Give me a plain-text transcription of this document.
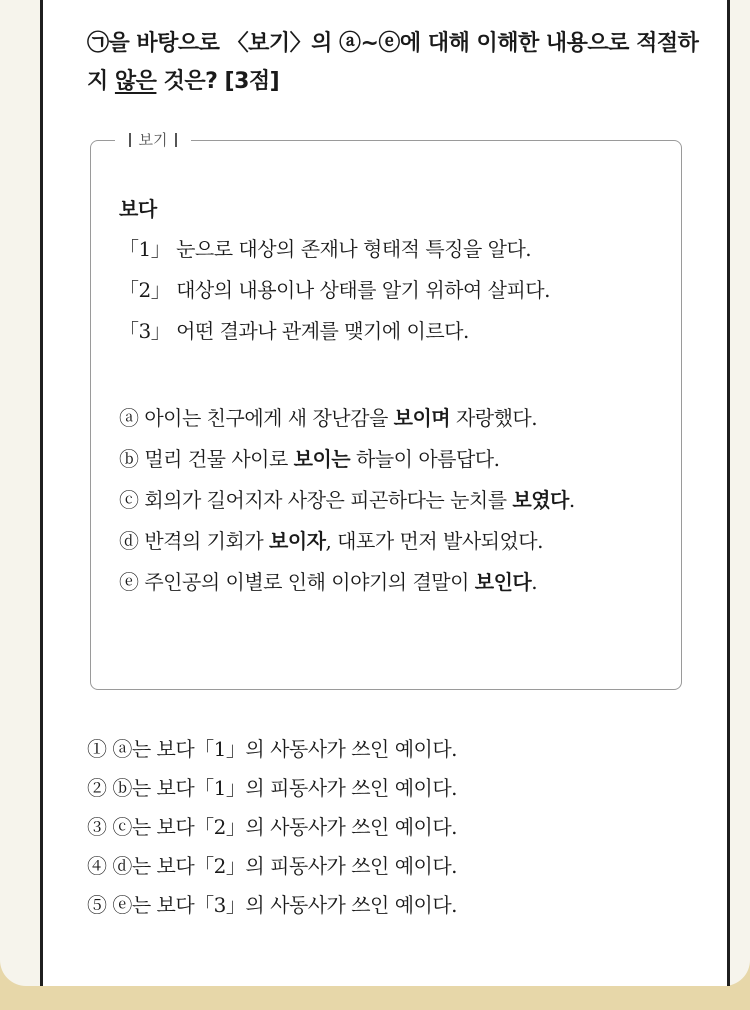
㉠을 바탕으로 〈보기〉의 ⓐ~ⓔ에 대해 이해한 내용으로 적절하지 않은 것은? [3점]
보기
보다
「1」 눈으로 대상의 존재나 형태적 특징을 알다.
「2」 대상의 내용이나 상태를 알기 위하여 살피다.
「3」 어떤 결과나 관계를 맺기에 이르다.
ⓐ 아이는 친구에게 새 장난감을 보이며 자랑했다.
ⓑ 멀리 건물 사이로 보이는 하늘이 아름답다.
ⓒ 회의가 길어지자 사장은 피곤하다는 눈치를 보였다.
ⓓ 반격의 기회가 보이자, 대포가 먼저 발사되었다.
ⓔ 주인공의 이별로 인해 이야기의 결말이 보인다.
① ⓐ는 보다「1」의 사동사가 쓰인 예이다.
② ⓑ는 보다「1」의 피동사가 쓰인 예이다.
③ ⓒ는 보다「2」의 사동사가 쓰인 예이다.
④ ⓓ는 보다「2」의 피동사가 쓰인 예이다.
⑤ ⓔ는 보다「3」의 사동사가 쓰인 예이다.
